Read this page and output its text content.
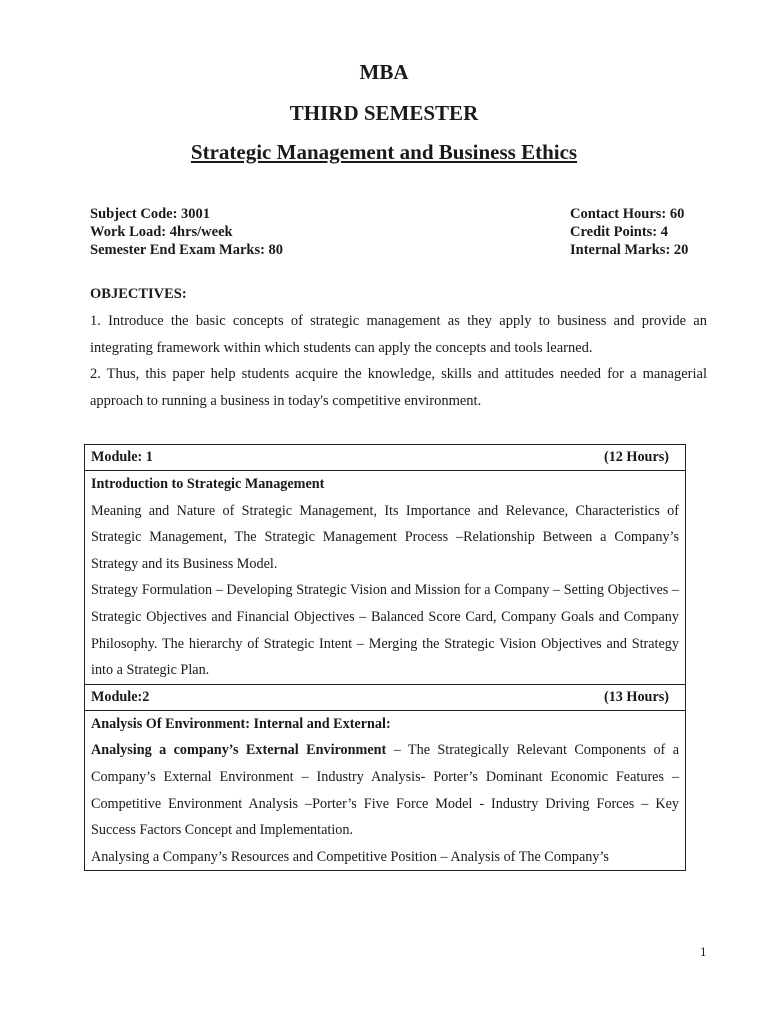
MBA
THIRD SEMESTER
Strategic Management and Business Ethics
Subject Code: 3001
Work Load: 4hrs/week
Semester End Exam Marks: 80
Contact Hours: 60
Credit Points: 4
Internal Marks: 20
OBJECTIVES:
1. Introduce the basic concepts of strategic management as they apply to business and provide an integrating framework within which students can apply the concepts and tools learned.
2. Thus, this paper help students acquire the knowledge, skills and attitudes needed for a managerial approach to running a business in today's competitive environment.
Module: 1	(12 Hours)

Introduction to Strategic Management

Meaning and Nature of Strategic Management, Its Importance and Relevance, Characteristics of Strategic Management, The Strategic Management Process –Relationship Between a Company’s Strategy and its Business Model.

Strategy Formulation – Developing Strategic Vision and Mission for a Company – Setting Objectives – Strategic Objectives and Financial Objectives – Balanced Score Card, Company Goals and Company Philosophy. The hierarchy of Strategic Intent – Merging the Strategic Vision Objectives and Strategy into a Strategic Plan.

Module:2	(13 Hours)

Analysis Of Environment: Internal and External:

Analysing a company’s External Environment – The Strategically Relevant Components of a Company’s External Environment – Industry Analysis- Porter’s Dominant Economic Features – Competitive Environment Analysis –Porter’s Five Force Model - Industry Driving Forces – Key Success Factors Concept and Implementation.

Analysing a Company’s Resources and Competitive Position – Analysis of The Company’s

1
